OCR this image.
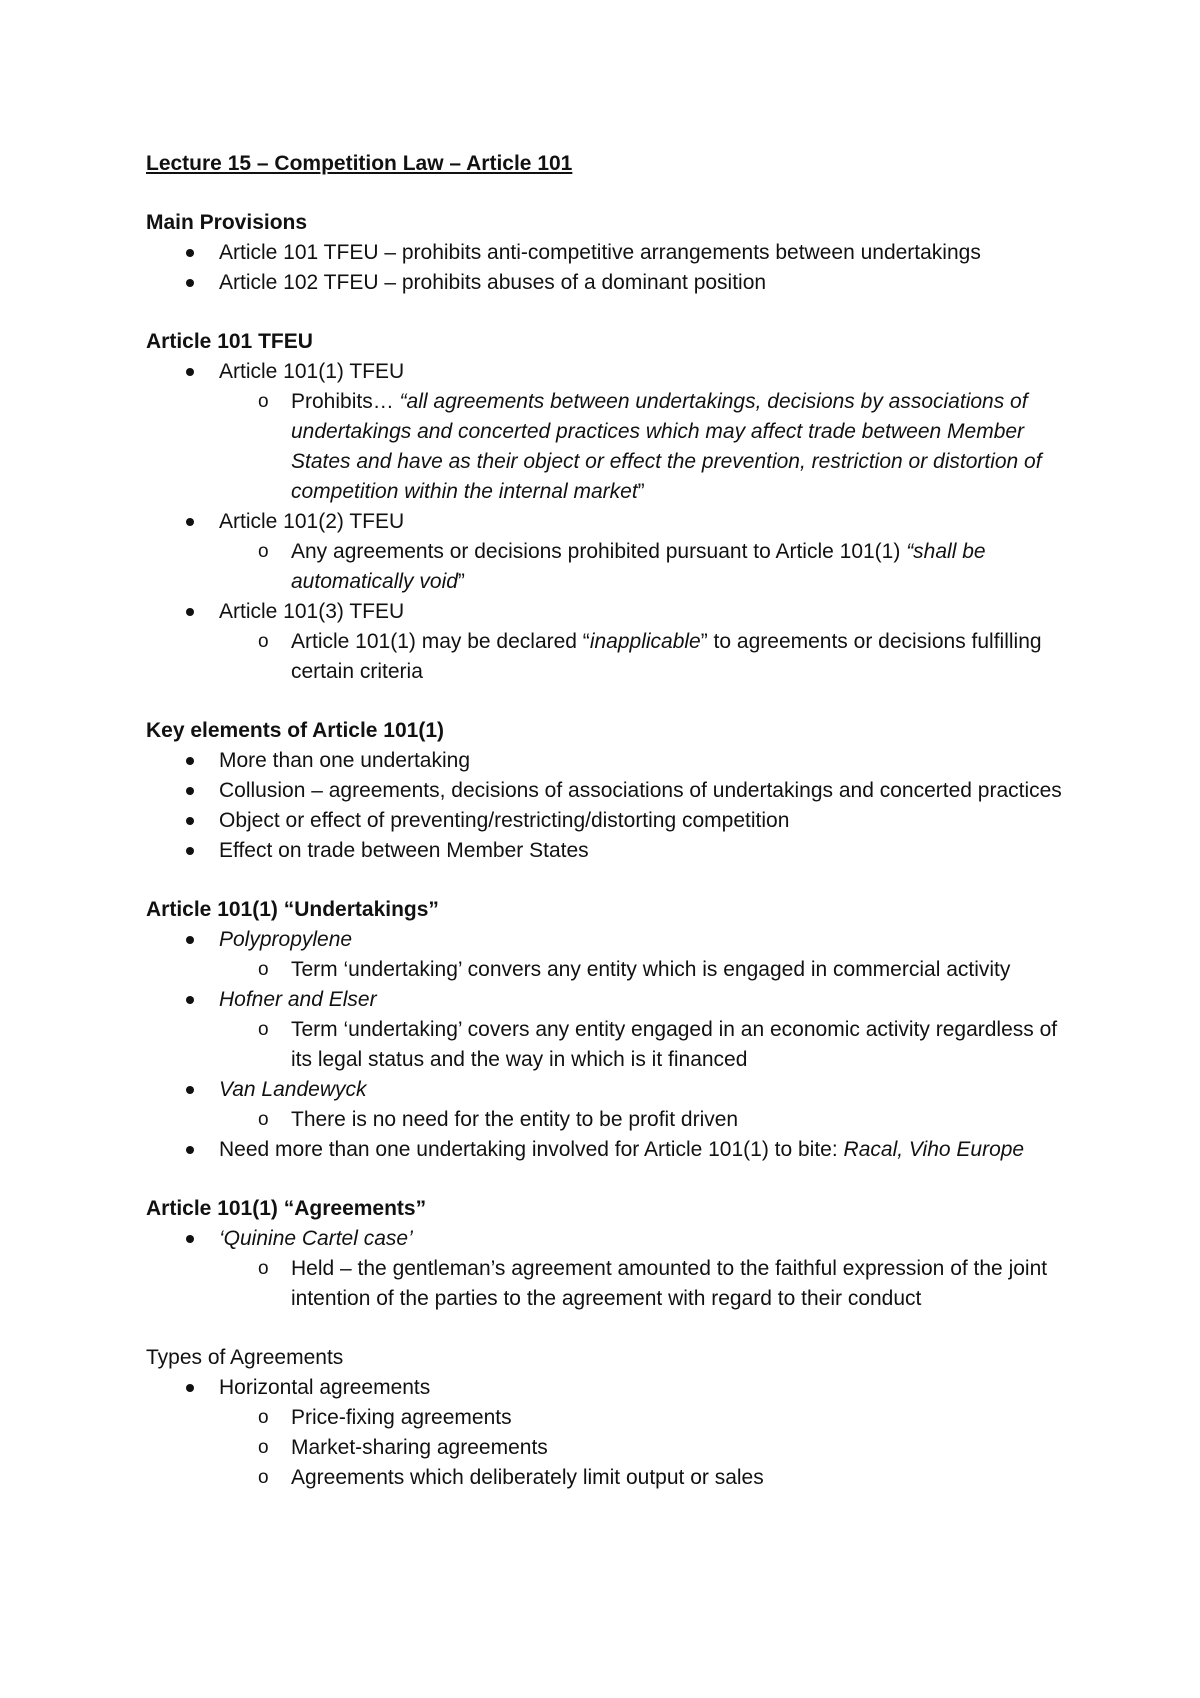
Lecture 15 – Competition Law – Article 101
Main Provisions
Article 101 TFEU – prohibits anti-competitive arrangements between undertakings
Article 102 TFEU – prohibits abuses of a dominant position
Article 101 TFEU
Article 101(1) TFEU
o Prohibits… “all agreements between undertakings, decisions by associations of undertakings and concerted practices which may affect trade between Member States and have as their object or effect the prevention, restriction or distortion of competition within the internal market”
Article 101(2) TFEU
o Any agreements or decisions prohibited pursuant to Article 101(1) “shall be automatically void”
Article 101(3) TFEU
o Article 101(1) may be declared “inapplicable” to agreements or decisions fulfilling certain criteria
Key elements of Article 101(1)
More than one undertaking
Collusion – agreements, decisions of associations of undertakings and concerted practices
Object or effect of preventing/restricting/distorting competition
Effect on trade between Member States
Article 101(1) “Undertakings”
Polypropylene
o Term ‘undertaking’ convers any entity which is engaged in commercial activity
Hofner and Elser
o Term ‘undertaking’ covers any entity engaged in an economic activity regardless of its legal status and the way in which is it financed
Van Landewyck
o There is no need for the entity to be profit driven
Need more than one undertaking involved for Article 101(1) to bite: Racal, Viho Europe
Article 101(1) “Agreements”
‘Quinine Cartel case’
o Held – the gentleman’s agreement amounted to the faithful expression of the joint intention of the parties to the agreement with regard to their conduct
Types of Agreements
Horizontal agreements
o Price-fixing agreements
o Market-sharing agreements
o Agreements which deliberately limit output or sales
